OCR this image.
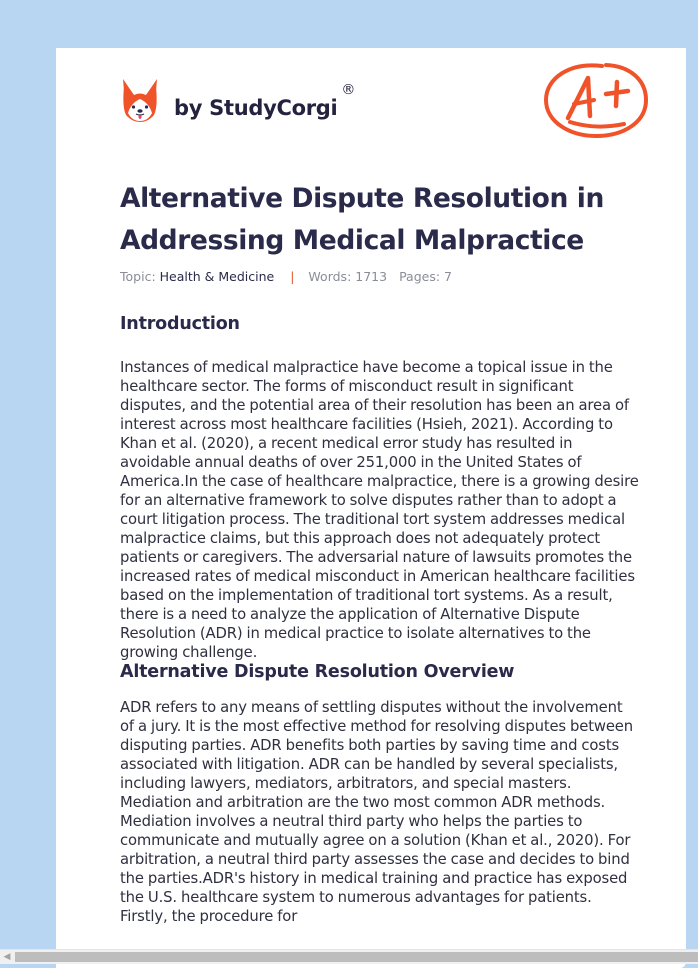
by StudyCorgi
®
Alternative Dispute Resolution in Addressing Medical Malpractice
Topic: Health & Medicine | Words: 1713 Pages: 7
Introduction

Instances of medical malpractice have become a topical issue in the healthcare sector. The forms of misconduct result in significant disputes, and the potential area of their resolution has been an area of interest across most healthcare facilities (Hsieh, 2021). According to Khan et al. (2020), a recent medical error study has resulted in avoidable annual deaths of over 251,000 in the United States of America.In the case of healthcare malpractice, there is a growing desire for an alternative framework to solve disputes rather than to adopt a court litigation process. The traditional tort system addresses medical malpractice claims, but this approach does not adequately protect patients or caregivers. The adversarial nature of lawsuits promotes the increased rates of medical misconduct in American healthcare facilities based on the implementation of traditional tort systems. As a result, there is a need to analyze the application of Alternative Dispute Resolution (ADR) in medical practice to isolate alternatives to the growing challenge.

Alternative Dispute Resolution Overview

ADR refers to any means of settling disputes without the involvement of a jury. It is the most effective method for resolving disputes between disputing parties. ADR benefits both parties by saving time and costs associated with litigation. ADR can be handled by several specialists, including lawyers, mediators, arbitrators, and special masters. Mediation and arbitration are the two most common ADR methods. Mediation involves a neutral third party who helps the parties to communicate and mutually agree on a solution (Khan et al., 2020). For arbitration, a neutral third party assesses the case and decides to bind the parties.ADR's history in medical training and practice has exposed the U.S. healthcare system to numerous advantages for patients. Firstly, the procedure for

◀
